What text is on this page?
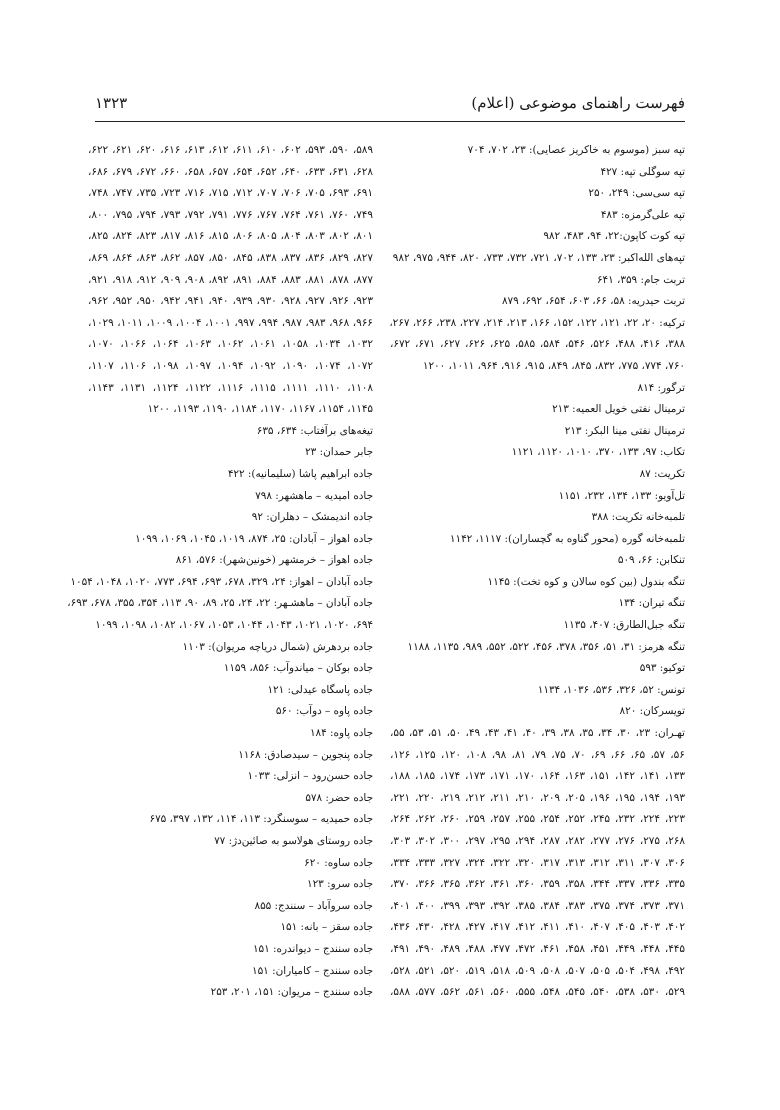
فهرست راهنمای موضوعی (اعلام)
۱۳۲۳
تپه سبز (موسوم به خاکریز عصایی): ۲۳، ۷۰۲، ۷۰۴
تپه سوگلی تپه: ۴۲۷
تپه سی‌سی: ۲۴۹، ۲۵۰
تپه علی‌گرمزه: ۴۸۳
تپه کوت کاپون:۲۲، ۹۴، ۴۸۳، ۹۸۲
تپه‌های الله‌اکبر: ۲۳، ۱۳۳، ۷۰۲، ۷۲۱، ۷۳۲، ۷۳۳، ۸۲۰، ۹۴۴، ۹۷۵، ۹۸۲
تربت جام: ۳۵۹، ۶۴۱
تربت حیدریه: ۵۸، ۶۶، ۶۰۳، ۶۵۴، ۶۹۲، ۸۷۹
ترکیه: ۲۰، ۲۲، ۱۲۱، ۱۲۲، ۱۵۲، ۱۶۶، ۲۱۳، ۲۱۴، ۲۲۷، ۲۳۸، ۲۶۶، ۲۶۷،
۳۸۸، ۴۱۶، ۴۸۸، ۵۲۶، ۵۴۶، ۵۸۴، ۵۸۵، ۶۲۵، ۶۲۶، ۶۲۷، ۶۷۱، ۶۷۲،
۷۶۰، ۷۷۴، ۷۷۵، ۸۳۲، ۸۴۵، ۸۴۹، ۹۱۵، ۹۱۶، ۹۶۴، ۱۰۱۱، ۱۲۰۰
ترگور: ۸۱۴
ترمینال نفتی خویل العمیه: ۲۱۳
ترمینال نفتی مینا البکر: ۲۱۳
تکاب: ۹۷، ۱۳۳، ۳۷۰، ۱۰۱۰، ۱۱۲۰، ۱۱۲۱
تکریت: ۸۷
تل‌آویو: ۱۳۳، ۱۳۴، ۲۳۲، ۱۱۵۱
تلمبه‌خانه تکریت: ۳۸۸
تلمبه‌خانه گوره (محور گناوه به گچساران): ۱۱۱۷، ۱۱۴۲
تنکابن: ۶۶، ۵۰۹
تنگه بندول (بین کوه سالان و کوه تخت): ۱۱۴۵
تنگه تیران: ۱۳۴
تنگه جبل‌الطارق: ۴۰۷، ۱۱۳۵
تنگه هرمز: ۳۱، ۵۱، ۳۵۶، ۳۷۸، ۴۵۶، ۵۲۲، ۵۵۲، ۹۸۹، ۱۱۳۵، ۱۱۸۸
توکیو: ۵۹۳
تونس: ۵۲، ۳۲۶، ۵۳۶، ۱۰۳۶، ۱۱۳۴
تویسرکان: ۸۲۰
تهـران: ۲۳، ۳۰، ۳۴، ۳۵، ۳۸، ۳۹، ۴۰، ۴۱، ۴۳، ۴۹، ۵۰، ۵۱، ۵۳، ۵۵،
۵۶، ۵۷، ۶۵، ۶۶، ۶۹، ۷۰، ۷۵، ۷۹، ۸۱، ۹۸، ۱۰۸، ۱۲۰، ۱۲۵، ۱۲۶،
۱۳۳، ۱۴۱، ۱۴۲، ۱۵۱، ۱۶۳، ۱۶۴، ۱۷۰، ۱۷۱، ۱۷۳، ۱۷۴، ۱۸۵، ۱۸۸،
۱۹۳، ۱۹۴، ۱۹۵، ۱۹۶، ۲۰۵، ۲۰۹، ۲۱۰، ۲۱۱، ۲۱۲، ۲۱۹، ۲۲۰، ۲۲۱،
۲۲۳، ۲۲۴، ۲۳۲، ۲۴۵، ۲۵۲، ۲۵۴، ۲۵۵، ۲۵۷، ۲۵۹، ۲۶۰، ۲۶۲، ۲۶۴،
۲۶۸، ۲۷۵، ۲۷۶، ۲۷۷، ۲۸۲، ۲۸۷، ۲۹۴، ۲۹۵، ۲۹۷، ۳۰۰، ۳۰۲، ۳۰۳،
۳۰۶، ۳۰۷، ۳۱۱، ۳۱۲، ۳۱۳، ۳۱۷، ۳۲۰، ۳۲۲، ۳۲۴، ۳۲۷، ۳۳۳، ۳۳۴،
۳۳۵، ۳۳۶، ۳۳۷، ۳۴۴، ۳۵۸، ۳۵۹، ۳۶۰، ۳۶۱، ۳۶۲، ۳۶۵، ۳۶۶، ۳۷۰،
۳۷۱، ۳۷۳، ۳۷۴، ۳۷۵، ۳۸۳، ۳۸۴، ۳۸۵، ۳۹۲، ۳۹۳، ۳۹۹، ۴۰۰، ۴۰۱،
۴۰۲، ۴۰۳، ۴۰۵، ۴۰۷، ۴۱۰، ۴۱۱، ۴۱۲، ۴۱۷، ۴۲۷، ۴۲۸، ۴۳۰، ۴۳۶،
۴۴۵، ۴۴۸، ۴۴۹، ۴۵۱، ۴۵۸، ۴۶۱، ۴۷۲، ۴۷۷، ۴۸۸، ۴۸۹، ۴۹۰، ۴۹۱،
۴۹۲، ۴۹۸، ۵۰۴، ۵۰۵، ۵۰۷، ۵۰۸، ۵۰۹، ۵۱۸، ۵۱۹، ۵۲۰، ۵۲۱، ۵۲۸،
۵۲۹، ۵۳۰، ۵۳۸، ۵۴۰، ۵۴۵، ۵۴۸، ۵۵۵، ۵۶۰، ۵۶۱، ۵۶۲، ۵۷۷، ۵۸۸،
۵۸۹، ۵۹۰، ۵۹۳، ۶۰۲، ۶۱۰، ۶۱۱، ۶۱۲، ۶۱۳، ۶۱۶، ۶۲۰، ۶۲۱، ۶۲۲،
۶۲۸، ۶۳۱، ۶۳۳، ۶۴۰، ۶۵۲، ۶۵۴، ۶۵۷، ۶۵۸، ۶۶۰، ۶۷۲، ۶۷۹، ۶۸۶،
۶۹۱، ۶۹۳، ۷۰۵، ۷۰۶، ۷۰۷، ۷۱۲، ۷۱۵، ۷۱۶، ۷۲۳، ۷۳۵، ۷۴۷، ۷۴۸،
۷۴۹، ۷۶۰، ۷۶۱، ۷۶۴، ۷۶۷، ۷۷۶، ۷۹۱، ۷۹۲، ۷۹۳، ۷۹۴، ۷۹۵، ۸۰۰،
۸۰۱، ۸۰۲، ۸۰۳، ۸۰۴، ۸۰۵، ۸۰۶، ۸۱۵، ۸۱۶، ۸۱۷، ۸۲۳، ۸۲۴، ۸۲۵،
۸۲۷، ۸۲۹، ۸۳۶، ۸۳۷، ۸۳۸، ۸۴۵، ۸۵۰، ۸۵۷، ۸۶۲، ۸۶۳، ۸۶۴، ۸۶۹،
۸۷۷، ۸۷۸، ۸۸۱، ۸۸۳، ۸۸۴، ۸۹۱، ۸۹۲، ۹۰۸، ۹۰۹، ۹۱۲، ۹۱۸، ۹۲۱،
۹۲۳، ۹۲۶، ۹۲۷، ۹۲۸، ۹۳۰، ۹۳۹، ۹۴۰، ۹۴۱، ۹۴۲، ۹۵۰، ۹۵۲، ۹۶۲،
۹۶۶، ۹۶۸، ۹۸۳، ۹۸۷، ۹۹۴، ۹۹۷، ۱۰۰۱، ۱۰۰۴، ۱۰۰۹، ۱۰۱۱، ۱۰۲۹،
۱۰۳۲، ۱۰۳۴، ۱۰۵۸، ۱۰۶۱، ۱۰۶۲، ۱۰۶۳، ۱۰۶۴، ۱۰۶۶، ۱۰۷۰،
۱۰۷۲، ۱۰۷۴، ۱۰۹۰، ۱۰۹۲، ۱۰۹۴، ۱۰۹۷، ۱۰۹۸، ۱۱۰۶، ۱۱۰۷،
۱۱۰۸، ۱۱۱۰، ۱۱۱۱، ۱۱۱۵، ۱۱۱۶، ۱۱۲۲، ۱۱۲۴، ۱۱۳۱، ۱۱۴۳،
۱۱۴۵، ۱۱۵۴، ۱۱۶۷، ۱۱۷۰، ۱۱۸۴، ۱۱۹۰، ۱۱۹۳، ۱۲۰۰
تیغه‌های برآفتاب: ۶۳۴، ۶۳۵
جابر حمدان: ۲۳
جاده ابراهیم پاشا (سلیمانیه): ۴۲۲
جاده امیدیه – ماهشهر: ۷۹۸
جاده اندیمشک – دهلران: ۹۲
جاده اهواز – آبادان: ۲۵، ۸۷۴، ۱۰۱۹، ۱۰۴۵، ۱۰۶۹، ۱۰۹۹
جاده اهواز – خرمشهر (خونین‌شهر): ۵۷۶، ۸۶۱
جاده آبادان – اهواز: ۲۴، ۳۲۹، ۶۷۸، ۶۹۳، ۶۹۴، ۷۷۳، ۱۰۲۰، ۱۰۴۸، ۱۰۵۴
جاده آبادان – ماهشـهر: ۲۲، ۲۴، ۲۵، ۸۹، ۹۰، ۱۱۳، ۳۵۴، ۳۵۵، ۶۷۸، ۶۹۳،
۶۹۴، ۱۰۲۰، ۱۰۲۱، ۱۰۴۳، ۱۰۴۴، ۱۰۵۳، ۱۰۶۷، ۱۰۸۲، ۱۰۹۸، ۱۰۹۹
جاده بردهرش (شمال دریاچه مریوان): ۱۱۰۳
جاده بوکان – میاندوآب: ۸۵۶، ۱۱۵۹
جاده پاسگاه عیدلی: ۱۲۱
جاده پاوه – دوآب: ۵۶۰
جاده پاوه: ۱۸۴
جاده پنجوین – سیدصادق: ۱۱۶۸
جاده حسن‌رود – انزلی: ۱۰۳۳
جاده حضر: ۵۷۸
جاده حمیدیه – سوسنگرد: ۱۱۳، ۱۱۴، ۱۳۲، ۳۹۷، ۶۷۵
جاده روستای هولاسو به صائین‌دژ: ۷۷
جاده ساوه: ۶۲۰
جاده سرو: ۱۲۳
جاده سروآباد – سنندج: ۸۵۵
جاده سقز – بانه: ۱۵۱
جاده سنندج – دیواندره: ۱۵۱
جاده سنندج – کامیاران: ۱۵۱
جاده سنندج – مریوان: ۱۵۱، ۲۰۱، ۲۵۳
